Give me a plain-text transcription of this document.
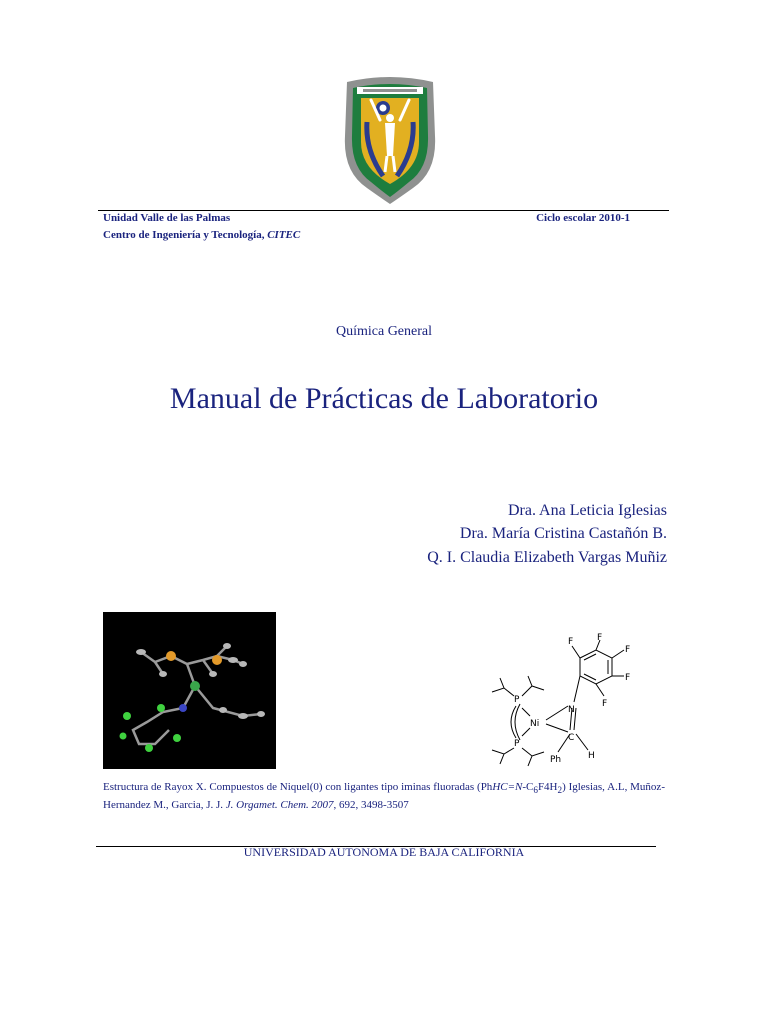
Unidad Valle de las Palmas	Ciclo escolar 2010-1
Centro de Ingeniería y Tecnología, CITEC
Química General
Manual de Prácticas de Laboratorio
Dra. Ana Leticia Iglesias
Dra. María Cristina Castañón B.
Q. I. Claudia Elizabeth Vargas Muñiz
F	F
F
F
F
P
P
Ni
N
C
H
Ph
Estructura de Rayox X. Compuestos de Niquel(0) con ligantes tipo iminas fluoradas $(PhHC=N-C_6F4H_2)$ Iglesias, A.L, Muñoz-Hernandez M., Garcia, J. J. J. Orgamet. Chem. 2007, 692, 3498-3507
UNIVERSIDAD AUTONOMA DE BAJA CALIFORNIA
